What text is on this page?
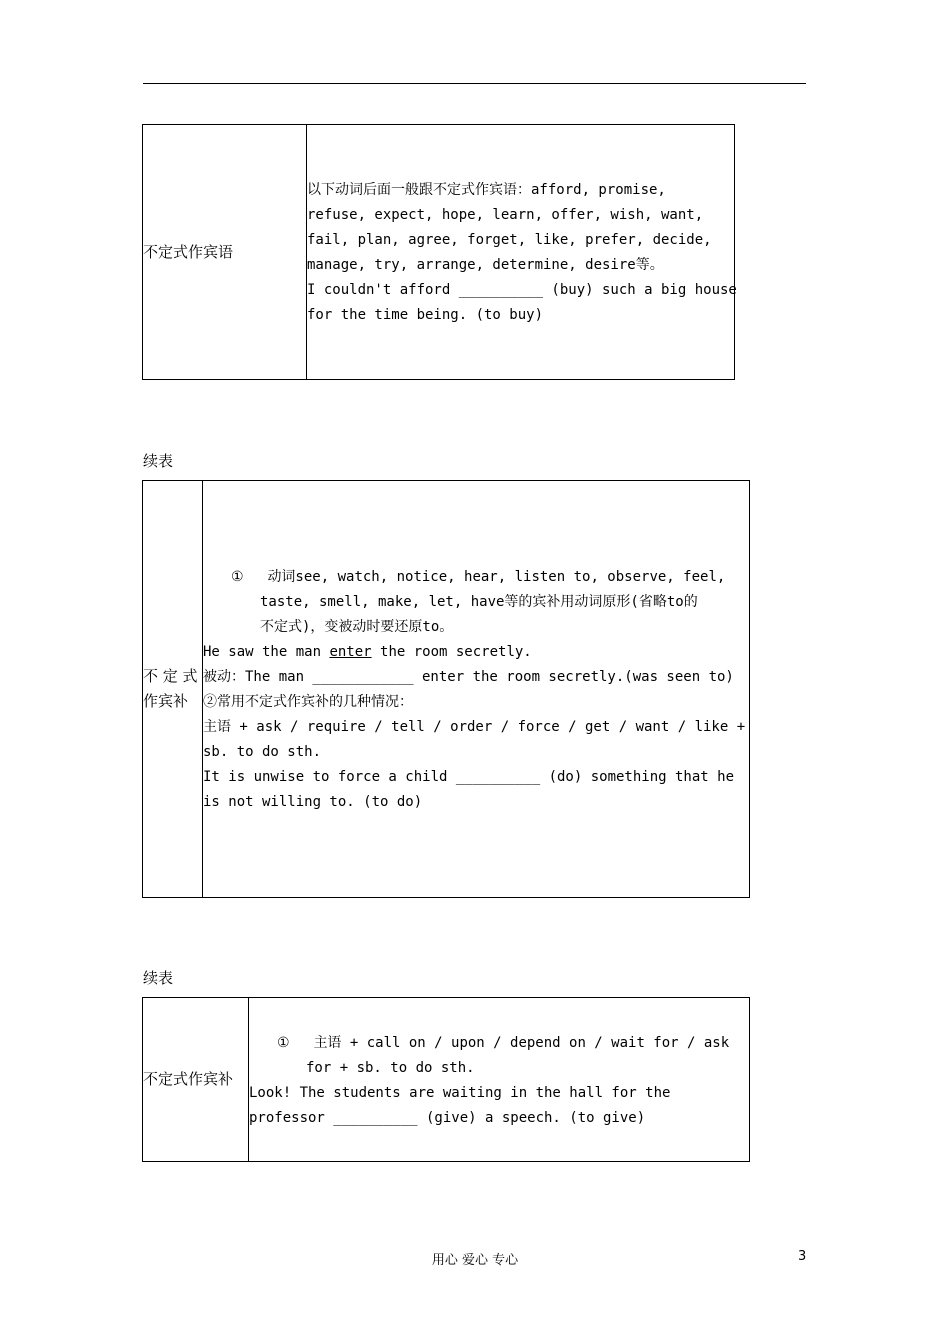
不定式作宾语
以下动词后面一般跟不定式作宾语：afford, promise,
refuse, expect, hope, learn, offer, wish, want,
fail, plan, agree, forget, like, prefer, decide,
manage, try, arrange, determine, desire等。
I couldn't afford __________ (buy) such a big house
for the time being. (to buy)
续表
不 定 式
作宾补
① 动词see, watch, notice, hear, listen to, observe, feel,
taste, smell, make, let, have等的宾补用动词原形(省略to的
不定式)，变被动时要还原to。
He saw the man enter the room secretly.
被动：The man ____________ enter the room secretly.(was seen to)
②常用不定式作宾补的几种情况：
主语 + ask / require / tell / order / force / get / want / like +
sb. to do sth.
It is unwise to force a child __________ (do) something that he
is not willing to. (to do)
续表
不定式作宾补
① 主语 + call on / upon / depend on / wait for / ask
for + sb. to do sth.
Look! The students are waiting in the hall for the
professor __________ (give) a speech. (to give)
用心 爱心 专心	3
